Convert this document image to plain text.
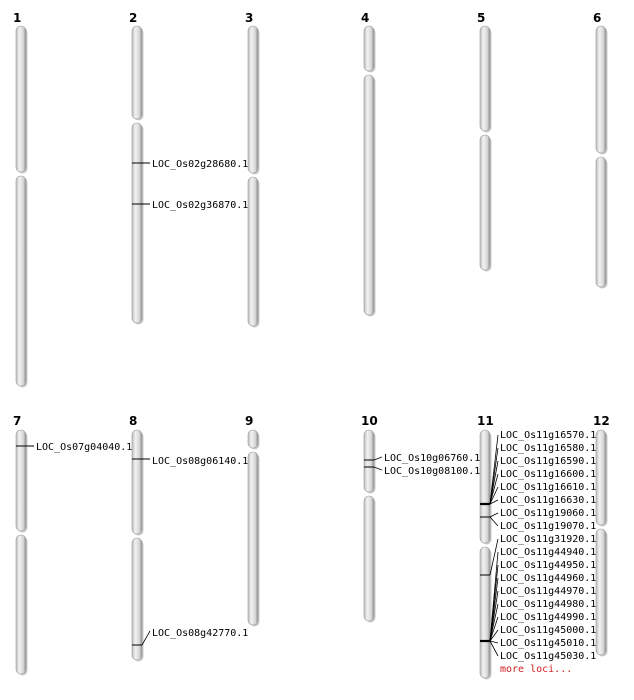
1	2	3	4	5	6
7	8	9	10	11	12
LOC_Os02g28680.1
LOC_Os02g36870.1
LOC_Os07g04040.1
LOC_Os08g06140.1
LOC_Os08g42770.1
LOC_Os10g06760.1
LOC_Os10g08100.1
LOC_Os11g16570.1
LOC_Os11g16580.1
LOC_Os11g16590.1
LOC_Os11g16600.1
LOC_Os11g16610.1
LOC_Os11g16630.1
LOC_Os11g19060.1
LOC_Os11g19070.1
LOC_Os11g31920.1
LOC_Os11g44940.1
LOC_Os11g44950.1
LOC_Os11g44960.1
LOC_Os11g44970.1
LOC_Os11g44980.1
LOC_Os11g44990.1
LOC_Os11g45000.1
LOC_Os11g45010.1
LOC_Os11g45030.1
more loci...
